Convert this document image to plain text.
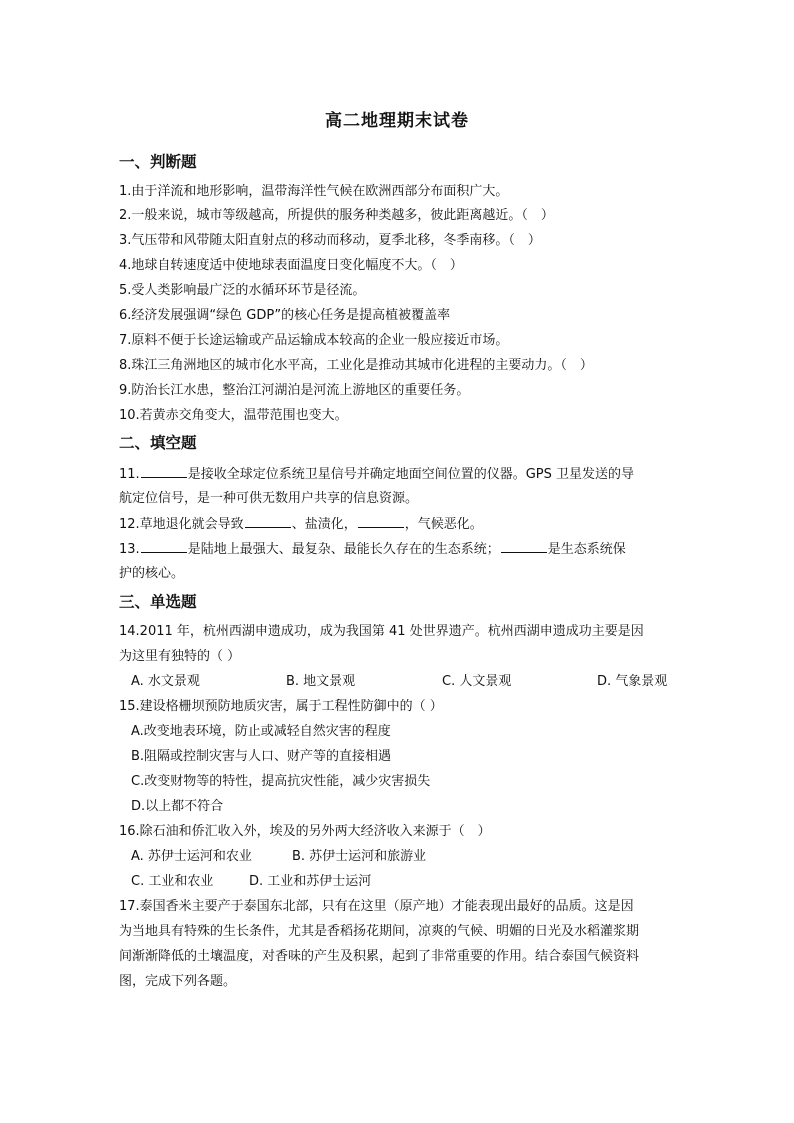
高二地理期末试卷
一、判断题
1.由于洋流和地形影响，温带海洋性气候在欧洲西部分布面积广大。
2.一般来说，城市等级越高，所提供的服务种类越多，彼此距离越近。（　）
3.气压带和风带随太阳直射点的移动而移动，夏季北移，冬季南移。（　）
4.地球自转速度适中使地球表面温度日变化幅度不大。（　）
5.受人类影响最广泛的水循环环节是径流。
6.经济发展强调“绿色 GDP”的核心任务是提高植被覆盖率
7.原料不便于长途运输或产品运输成本较高的企业一般应接近市场。
8.珠江三角洲地区的城市化水平高，工业化是推动其城市化进程的主要动力。（　）
9.防治长江水患，整治江河湖泊是河流上游地区的重要任务。
10.若黄赤交角变大，温带范围也变大。
二、填空题
11.	是接收全球定位系统卫星信号并确定地面空间位置的仪器。GPS 卫星发送的导
航定位信号，是一种可供无数用户共享的信息资源。
12.草地退化就会导致	、盐渍化，	，气候恶化。
13.	是陆地上最强大、最复杂、最能长久存在的生态系统；	是生态系统保
护的核心。
三、单选题
14.2011 年，杭州西湖申遗成功，成为我国第 41 处世界遗产。杭州西湖申遗成功主要是因
为这里有独特的（ ）
A. 水文景观	B. 地文景观	C. 人文景观	D. 气象景观
15.建设格栅坝预防地质灾害，属于工程性防御中的（ ）
A.改变地表环境，防止或减轻自然灾害的程度
B.阻隔或控制灾害与人口、财产等的直接相遇
C.改变财物等的特性，提高抗灾性能，减少灾害损失
D.以上都不符合
16.除石油和侨汇收入外，埃及的另外两大经济收入来源于（　）
A. 苏伊士运河和农业	B. 苏伊士运河和旅游业
C. 工业和农业	D. 工业和苏伊士运河
17.泰国香米主要产于泰国东北部，只有在这里（原产地）才能表现出最好的品质。这是因
为当地具有特殊的生长条件，尤其是香稻扬花期间，凉爽的气候、明媚的日光及水稻灌浆期
间渐渐降低的土壤温度，对香味的产生及积累，起到了非常重要的作用。结合泰国气候资料
图，完成下列各题。
